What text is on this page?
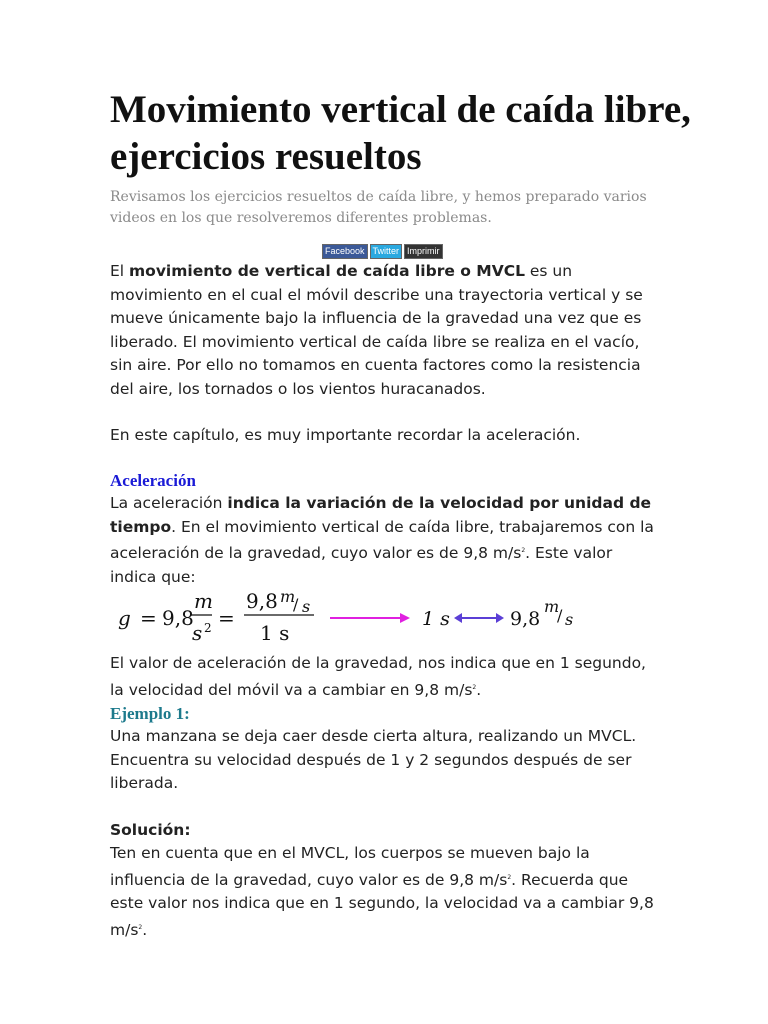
Movimiento vertical de caída libre, ejercicios resueltos

Revisamos los ejercicios resueltos de caída libre, y hemos preparado varios videos en los que resolveremos diferentes problemas.

Facebook Twitter Imprimir

El movimiento de vertical de caída libre o MVCL es un movimiento en el cual el móvil describe una trayectoria vertical y se mueve únicamente bajo la influencia de la gravedad una vez que es liberado. El movimiento vertical de caída libre se realiza en el vacío, sin aire. Por ello no tomamos en cuenta factores como la resistencia del aire, los tornados o los vientos huracanados.

En este capítulo, es muy importante recordar la aceleración.

Aceleración

La aceleración indica la variación de la velocidad por unidad de tiempo. En el movimiento vertical de caída libre, trabajaremos con la aceleración de la gravedad, cuyo valor es de 9,8 $m/s^2$. Este valor indica que:

g = 9,8
m
s 2 =
9,8 m
/ s
1 s
1 s	9,8
m
/ s

El valor de aceleración de la gravedad, nos indica que en 1 segundo, la velocidad del móvil va a cambiar en 9,8 $m/s^2$.

Ejemplo 1:

Una manzana se deja caer desde cierta altura, realizando un MVCL. Encuentra su velocidad después de 1 y 2 segundos después de ser liberada.

Solución:

Ten en cuenta que en el MVCL, los cuerpos se mueven bajo la influencia de la gravedad, cuyo valor es de 9,8 $m/s^2$. Recuerda que este valor nos indica que en 1 segundo, la velocidad va a cambiar 9,8 $m/s^2$.
